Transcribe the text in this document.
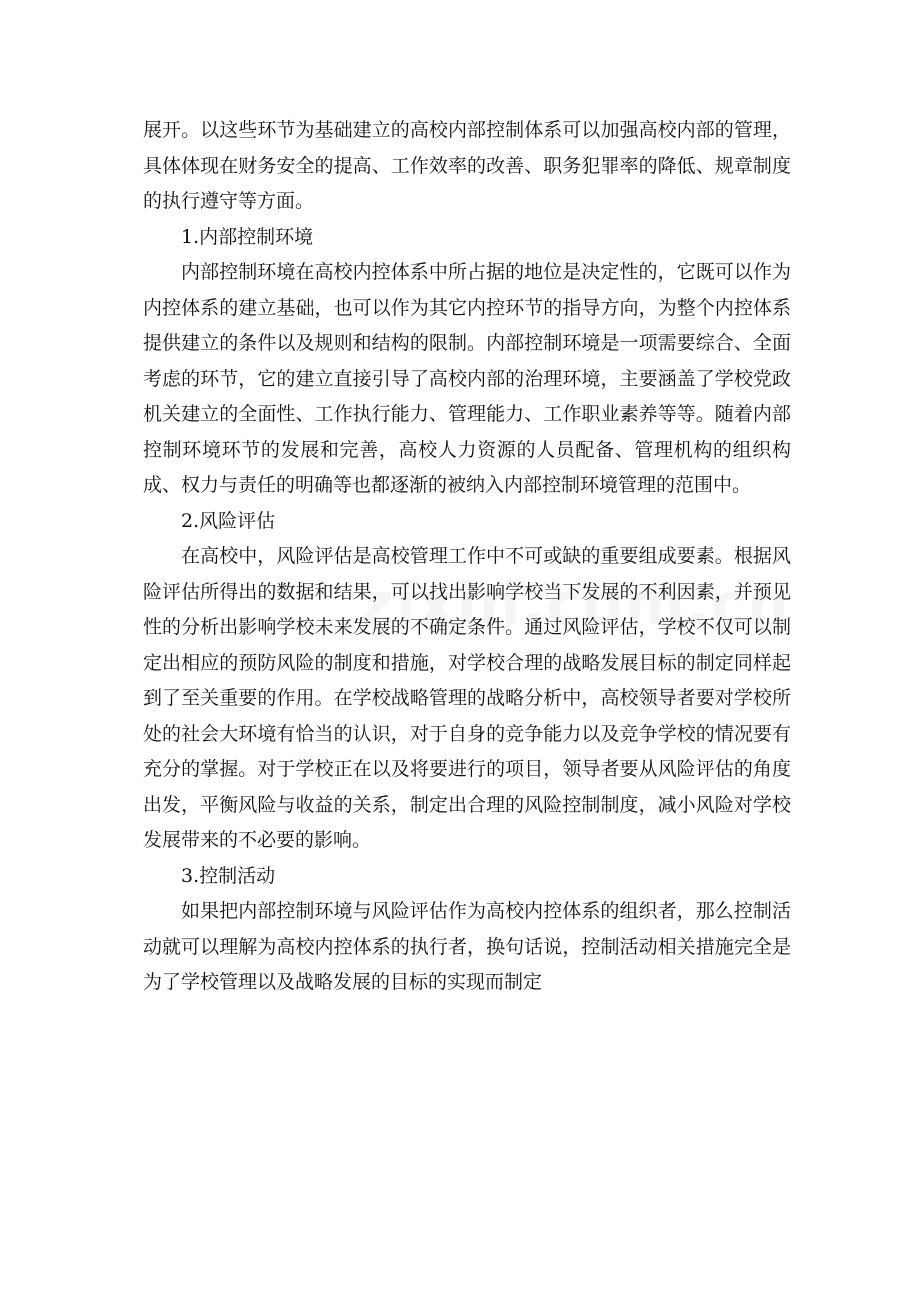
展开。以这些环节为基础建立的高校内部控制体系可以加强高校内部的管理，具体体现在财务安全的提高、工作效率的改善、职务犯罪率的降低、规章制度的执行遵守等方面。

1.内部控制环境

内部控制环境在高校内控体系中所占据的地位是决定性的，它既可以作为内控体系的建立基础，也可以作为其它内控环节的指导方向，为整个内控体系提供建立的条件以及规则和结构的限制。内部控制环境是一项需要综合、全面考虑的环节，它的建立直接引导了高校内部的治理环境，主要涵盖了学校党政机关建立的全面性、工作执行能力、管理能力、工作职业素养等等。随着内部控制环境环节的发展和完善，高校人力资源的人员配备、管理机构的组织构成、权力与责任的明确等也都逐渐的被纳入内部控制环境管理的范围中。

2.风险评估

在高校中，风险评估是高校管理工作中不可或缺的重要组成要素。根据风险评估所得出的数据和结果，可以找出影响学校当下发展的不利因素，并预见性的分析出影响学校未来发展的不确定条件。通过风险评估，学校不仅可以制定出相应的预防风险的制度和措施，对学校合理的战略发展目标的制定同样起到了至关重要的作用。在学校战略管理的战略分析中，高校领导者要对学校所处的社会大环境有恰当的认识，对于自身的竞争能力以及竞争学校的情况要有充分的掌握。对于学校正在以及将要进行的项目，领导者要从风险评估的角度出发，平衡风险与收益的关系，制定出合理的风险控制制度，减小风险对学校发展带来的不必要的影响。

3.控制活动

如果把内部控制环境与风险评估作为高校内控体系的组织者，那么控制活动就可以理解为高校内控体系的执行者，换句话说，控制活动相关措施完全是为了学校管理以及战略发展的目标的实现而制定
